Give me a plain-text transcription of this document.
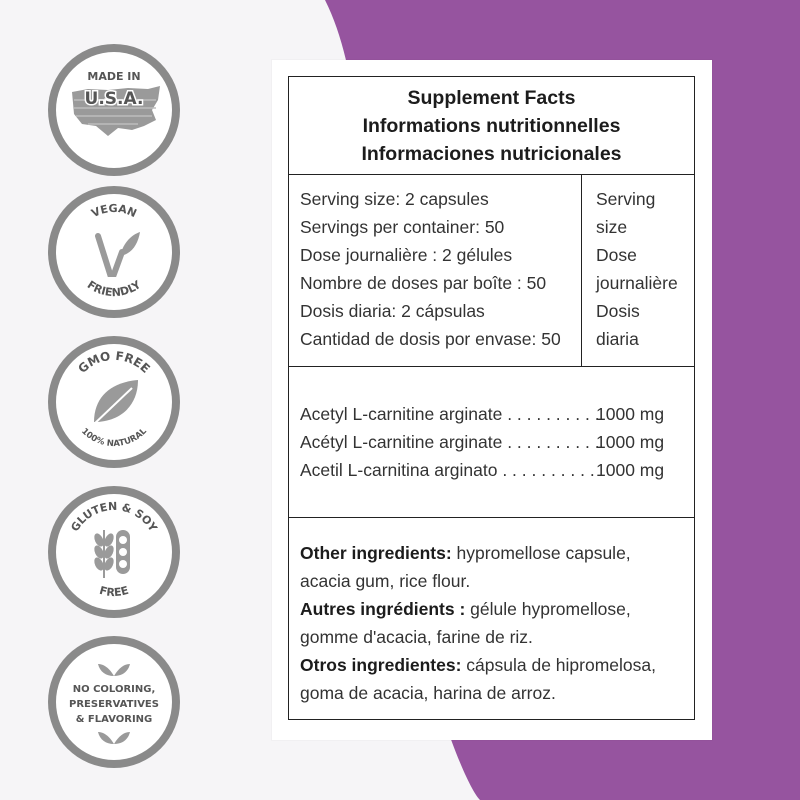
MADE IN
U.S.A.
VEGAN
FRIENDLY
GMO FREE
100% NATURAL
GLUTEN & SOY
FREE
NO COLORING,
PRESERVATIVES
& FLAVORING
Supplement Facts
Informations nutritionnelles
Informaciones nutricionales
Serving size: 2 capsules
Servings per container: 50
Dose journalière : 2 gélules
Nombre de doses par boîte : 50
Dosis diaria: 2 cápsulas
Cantidad de dosis por envase: 50
Serving
size
Dose
journalière
Dosis
diaria
Acetyl L-carnitine arginate . . . . . . . . . .
1000 mg
Acétyl L-carnitine arginate . . . . . . . . . .
1000 mg
Acetil L-carnitina arginato . . . . . . . . . . 1000 mg
Other ingredients: hypromellose capsule, acacia gum, rice flour.
Autres ingrédients : gélule hypromellose, gomme d'acacia, farine de riz.
Otros ingredientes: cápsula de hipromelosa, goma de acacia, harina de arroz.
